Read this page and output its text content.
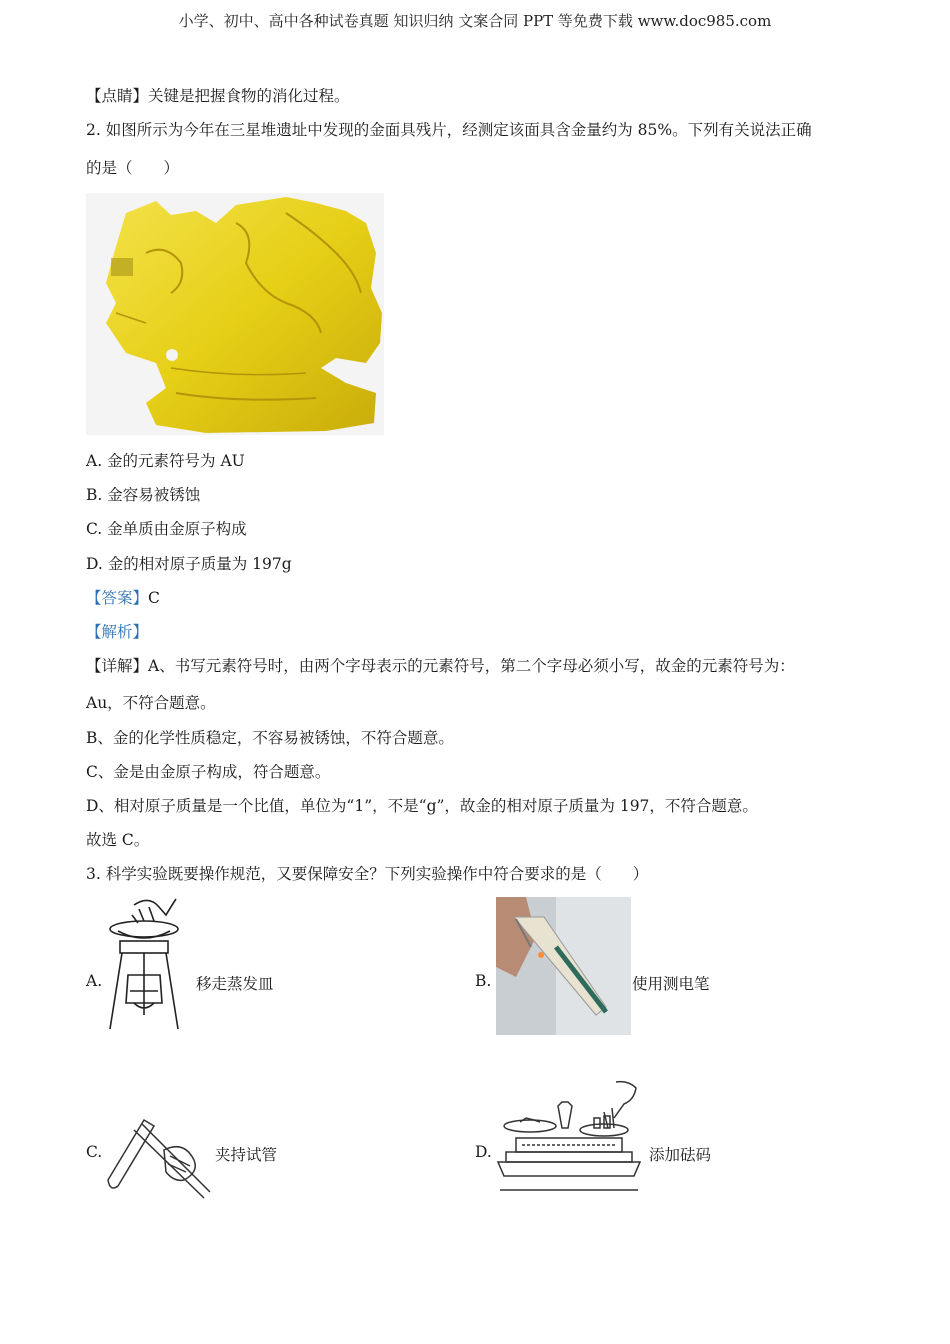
小学、初中、高中各种试卷真题 知识归纳 文案合同 PPT 等免费下载 www.doc985.com
【点睛】关键是把握食物的消化过程。
2. 如图所示为今年在三星堆遗址中发现的金面具残片，经测定该面具含金量约为 85%。下列有关说法正确
的是（　　）
A. 金的元素符号为 AU
B. 金容易被锈蚀
C. 金单质由金原子构成
D. 金的相对原子质量为 197g
【答案】C
【解析】
【详解】A、书写元素符号时，由两个字母表示的元素符号，第二个字母必须小写，故金的元素符号为：
Au，不符合题意。
B、金的化学性质稳定，不容易被锈蚀，不符合题意。
C、金是由金原子构成，符合题意。
D、相对原子质量是一个比值，单位为“1”，不是“g”，故金的相对原子质量为 197，不符合题意。
故选 C。
3. 科学实验既要操作规范，又要保障安全？下列实验操作中符合要求的是（　　）
A.	移走蒸发皿	B.	使用测电笔
C.	夹持试管	D.	添加砝码
